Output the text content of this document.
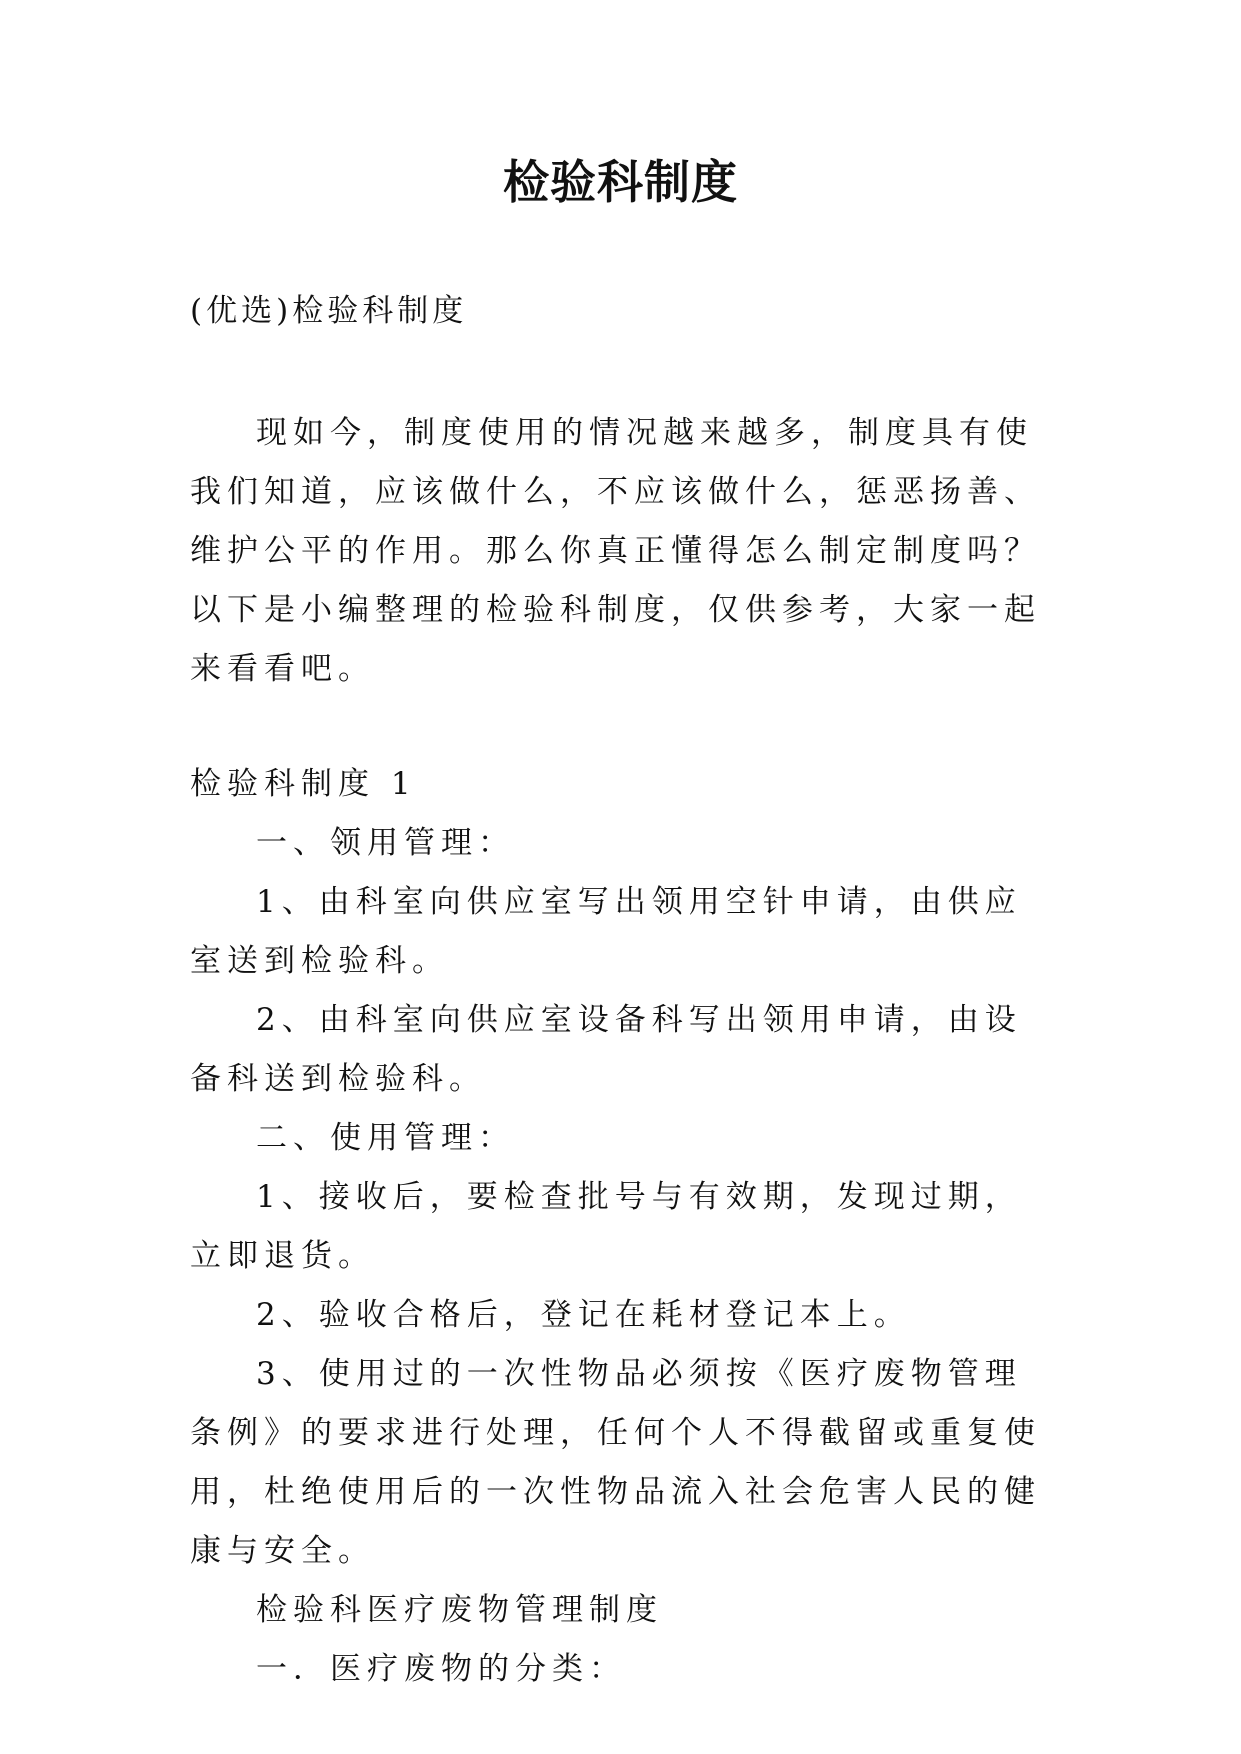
检验科制度
(优选)检验科制度

现如今，制度使用的情况越来越多，制度具有使我们知道，应该做什么，不应该做什么，惩恶扬善、维护公平的作用。那么你真正懂得怎么制定制度吗？以下是小编整理的检验科制度，仅供参考，大家一起来看看吧。

检验科制度 1

一、领用管理：

1、由科室向供应室写出领用空针申请，由供应室送到检验科。

2、由科室向供应室设备科写出领用申请，由设备科送到检验科。

二、使用管理：

1、接收后，要检查批号与有效期，发现过期，立即退货。

2、验收合格后，登记在耗材登记本上。

3、使用过的一次性物品必须按《医疗废物管理条例》的要求进行处理，任何个人不得截留或重复使用，杜绝使用后的一次性物品流入社会危害人民的健康与安全。

检验科医疗废物管理制度

一．医疗废物的分类：
